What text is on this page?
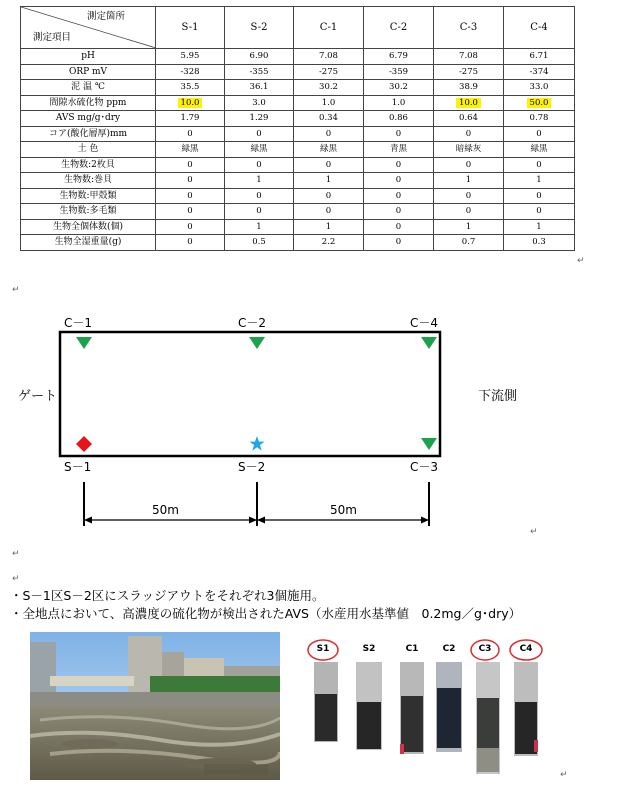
測定箇所
測定項目	S-1	S-2	C-1	C-2	C-3	C-4
pH	5.95	6.90	7.08	6.79	7.08	6.71
ORP mV	-328	-355	-275	-359	-275	-374
泥 温 ℃	35.5	36.1	30.2	30.2	38.9	33.0
間隙水硫化物 ppm	10.0	3.0	1.0	1.0	10.0	50.0
AVS mg/g･dry	1.79	1.29	0.34	0.86	0.64	0.78
コア(酸化層厚)mm	0	0	0	0	0	0
土 色	緑黒	緑黒	緑黒	青黒	暗緑灰	緑黒
生物数:2枚貝	0	0	0	0	0	0
生物数:巻貝	0	1	1	0	1	1
生物数:甲殻類	0	0	0	0	0	0
生物数:多毛類	0	0	0	0	0	0
生物全個体数(個)	0	1	1	0	1	1
生物全湿重量(g)	0	0.5	2.2	0	0.7	0.3
↵
↵
C－1	C－2	C－4
S－1	S－2	C－3
ゲート	下流側
50m	50m
↵
↵
↵
・S－1区S－2区にスラッジアウトをそれぞれ3個施用。
・全地点において、高濃度の硫化物が検出されたAVS（水産用水基準値　0.2mg／g･dry）
S1	S2	C1	C2	C3	C4
↵
